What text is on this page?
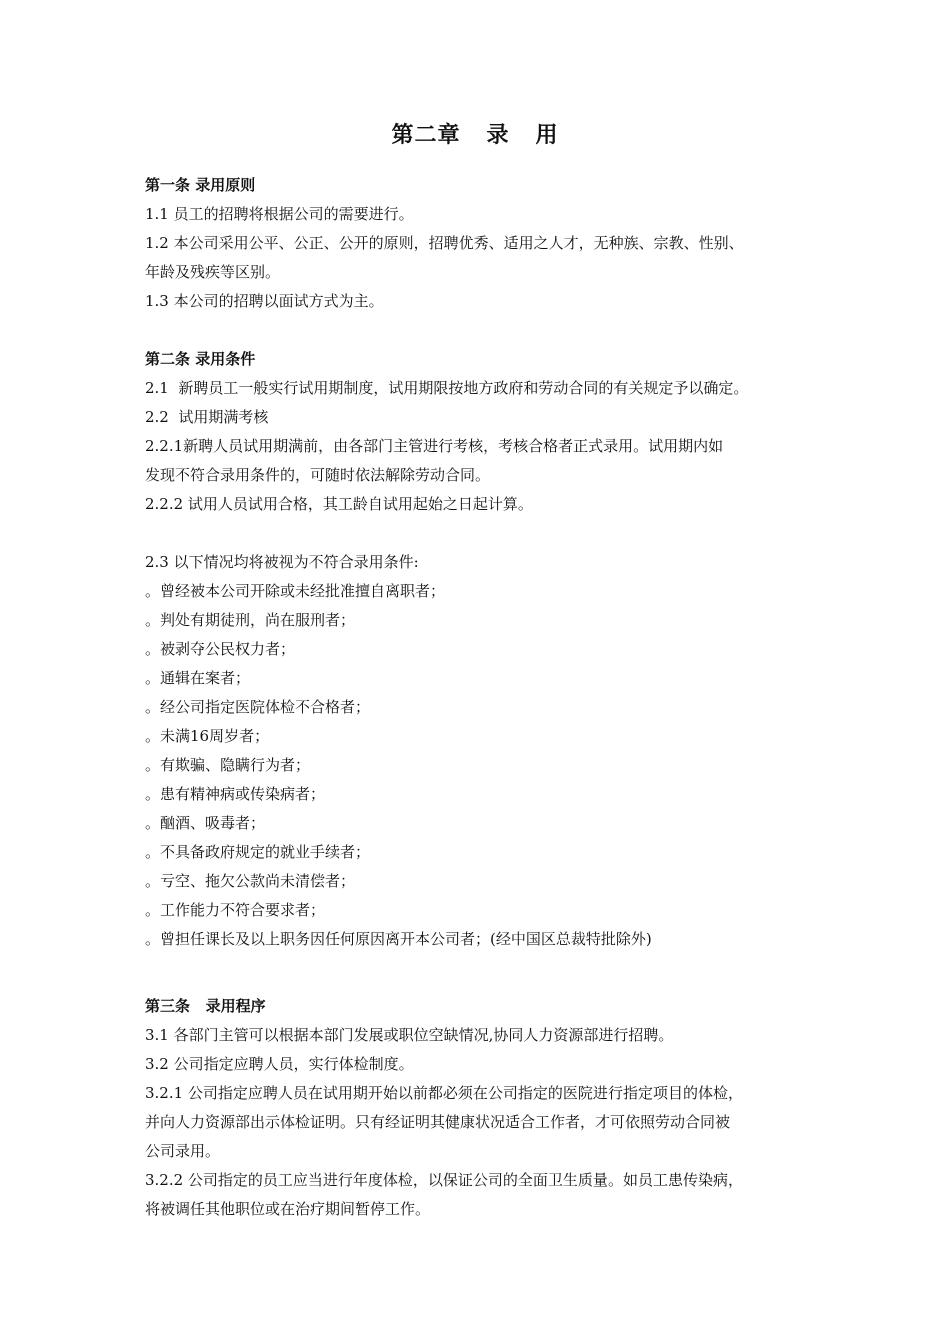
第二章   录   用
第一条 录用原则
1.1 员工的招聘将根据公司的需要进行。
1.2 本公司采用公平、公正、公开的原则，招聘优秀、适用之人才，无种族、宗教、性别、
年龄及残疾等区别。
1.3 本公司的招聘以面试方式为主。
第二条 录用条件
2.1  新聘员工一般实行试用期制度，试用期限按地方政府和劳动合同的有关规定予以确定。
2.2  试用期满考核
2.2.1新聘人员试用期满前，由各部门主管进行考核，考核合格者正式录用。试用期内如
发现不符合录用条件的，可随时依法解除劳动合同。
2.2.2 试用人员试用合格，其工龄自试用起始之日起计算。
2.3 以下情况均将被视为不符合录用条件:
。曾经被本公司开除或未经批准擅自离职者；
。判处有期徒刑，尚在服刑者；
。被剥夺公民权力者；
。通辑在案者；
。经公司指定医院体检不合格者；
。未满16周岁者；
。有欺骗、隐瞒行为者；
。患有精神病或传染病者；
。酗酒、吸毒者；
。不具备政府规定的就业手续者；
。亏空、拖欠公款尚未清偿者；
。工作能力不符合要求者；
。曾担任课长及以上职务因任何原因离开本公司者；(经中国区总裁特批除外)
第三条   录用程序
3.1 各部门主管可以根据本部门发展或职位空缺情况,协同人力资源部进行招聘。
3.2 公司指定应聘人员，实行体检制度。
3.2.1 公司指定应聘人员在试用期开始以前都必须在公司指定的医院进行指定项目的体检，
并向人力资源部出示体检证明。只有经证明其健康状况适合工作者，才可依照劳动合同被
公司录用。
3.2.2 公司指定的员工应当进行年度体检，以保证公司的全面卫生质量。如员工患传染病，
将被调任其他职位或在治疗期间暂停工作。
